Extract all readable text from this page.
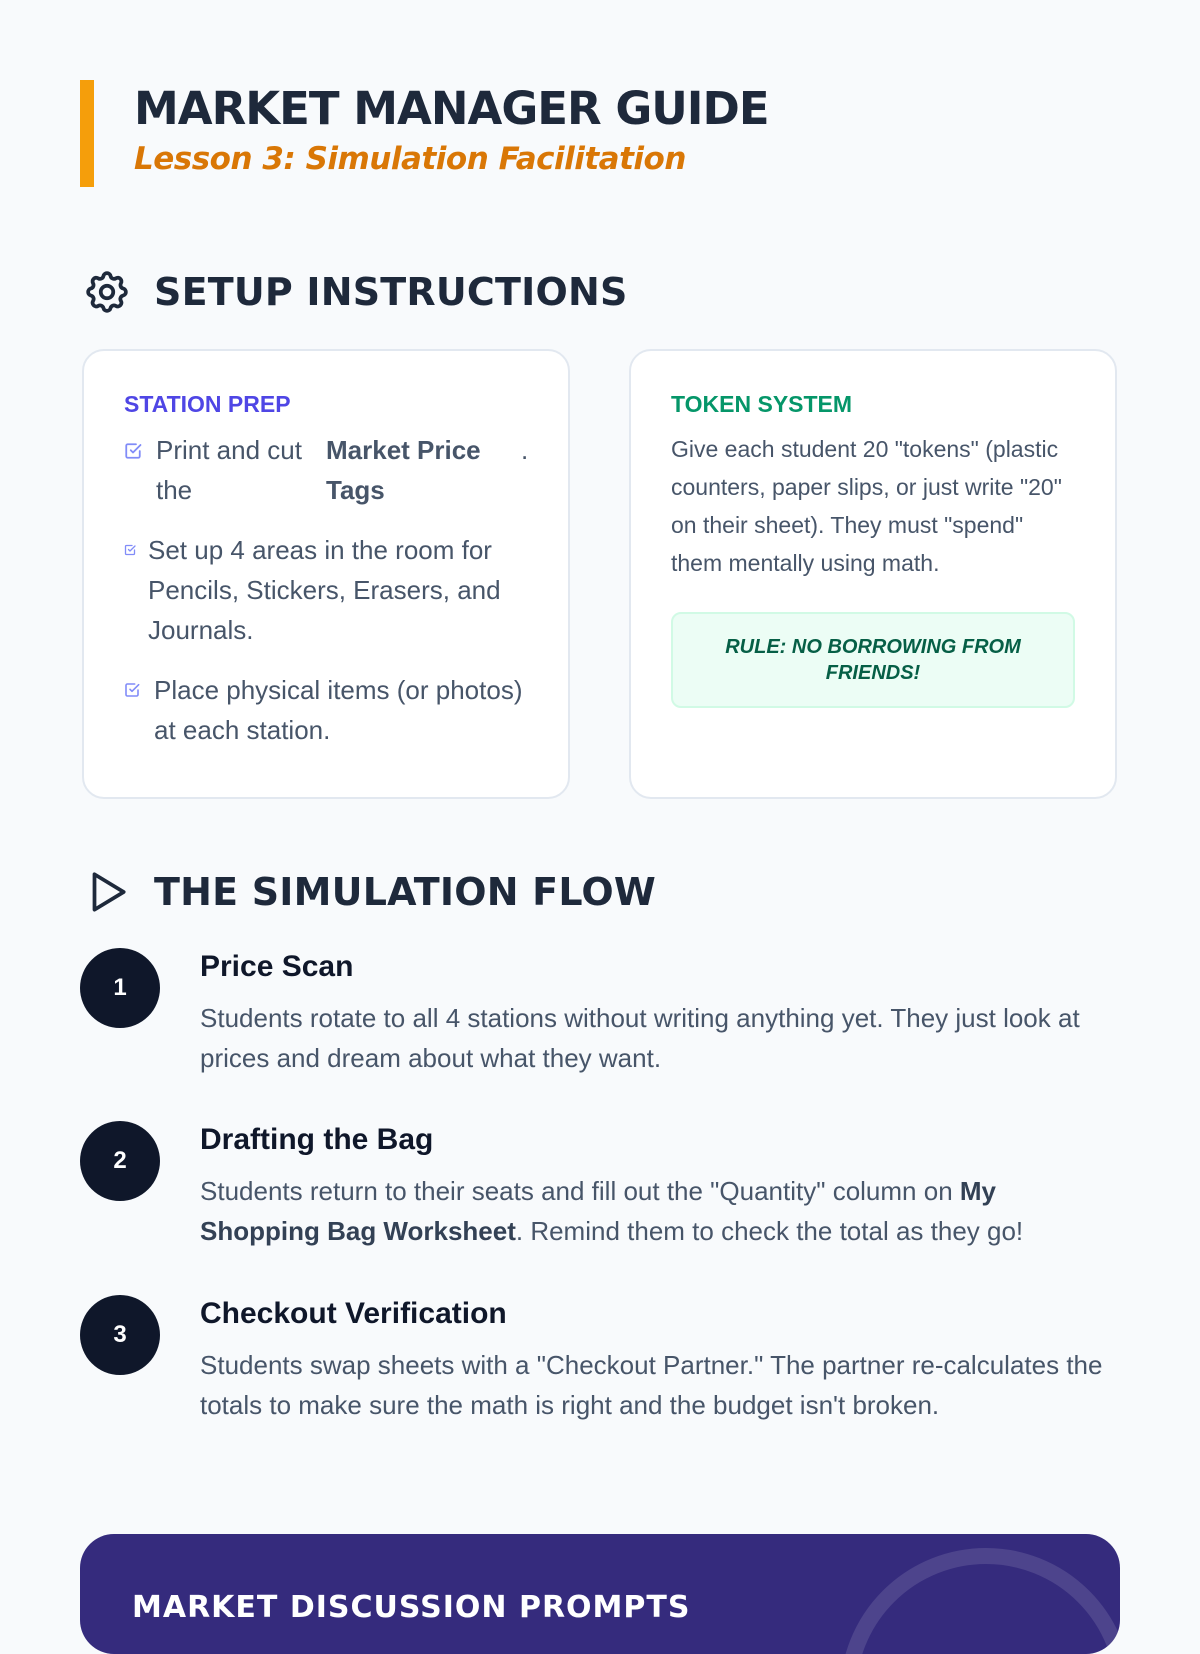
MARKET MANAGER GUIDE
Lesson 3: Simulation Facilitation
SETUP INSTRUCTIONS
STATION PREP
Print and cut the
Market Price Tags
.
Set up 4 areas in the room for Pencils, Stickers, Erasers, and Journals.
Place physical items (or photos) at each station.
TOKEN SYSTEM
Give each student 20 "tokens" (plastic counters, paper slips, or just write "20" on their sheet). They must "spend" them mentally using math.
RULE: NO BORROWING FROM FRIENDS!
THE SIMULATION FLOW
1
Price Scan
Students rotate to all 4 stations without writing anything yet. They just look at prices and dream about what they want.
2
Drafting the Bag
Students return to their seats and fill out the "Quantity" column on My Shopping Bag Worksheet. Remind them to check the total as they go!
3
Checkout Verification
Students swap sheets with a "Checkout Partner." The partner re-calculates the totals to make sure the math is right and the budget isn't broken.
MARKET DISCUSSION PROMPTS
